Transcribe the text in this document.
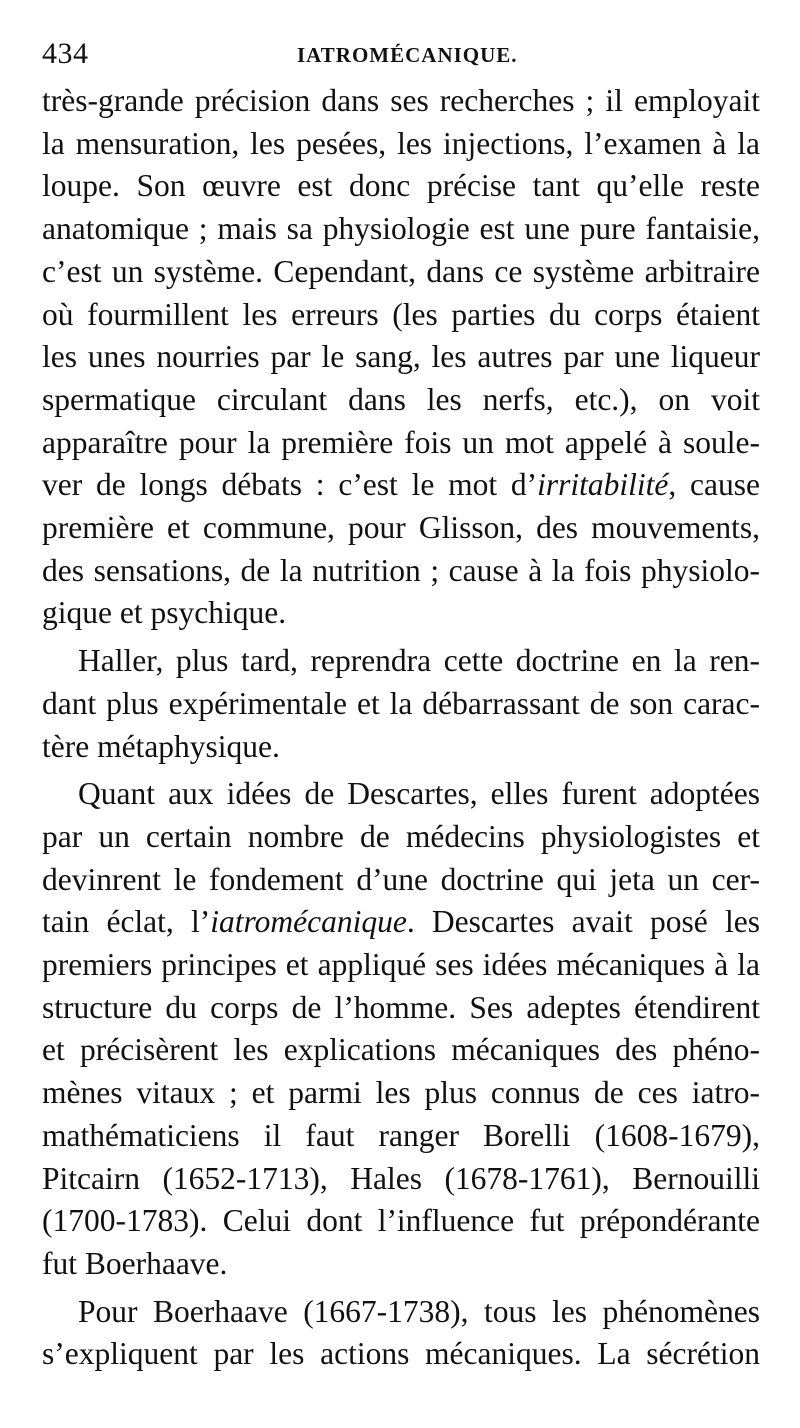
434	IATROMÉCANIQUE.

très-grande précision dans ses recherches ; il employait
la mensuration, les pesées, les injections, l’examen à la
loupe. Son œuvre est donc précise tant qu’elle reste
anatomique ; mais sa physiologie est une pure fantaisie,
c’est un système. Cependant, dans ce système arbitraire
où fourmillent les erreurs (les parties du corps étaient
les unes nourries par le sang, les autres par une liqueur
spermatique circulant dans les nerfs, etc.), on voit
apparaître pour la première fois un mot appelé à soule-
ver de longs débats : c’est le mot d’irritabilité, cause
première et commune, pour Glisson, des mouvements,
des sensations, de la nutrition ; cause à la fois physiolo-
gique et psychique.

Haller, plus tard, reprendra cette doctrine en la ren-
dant plus expérimentale et la débarrassant de son carac-
tère métaphysique.

Quant aux idées de Descartes, elles furent adoptées
par un certain nombre de médecins physiologistes et
devinrent le fondement d’une doctrine qui jeta un cer-
tain éclat, l’iatromécanique. Descartes avait posé les
premiers principes et appliqué ses idées mécaniques à la
structure du corps de l’homme. Ses adeptes étendirent
et précisèrent les explications mécaniques des phéno-
mènes vitaux ; et parmi les plus connus de ces iatro-
mathématiciens il faut ranger Borelli (1608-1679),
Pitcairn (1652-1713), Hales (1678-1761), Bernouilli
(1700-1783). Celui dont l’influence fut prépondérante
fut Boerhaave.

Pour Boerhaave (1667-1738), tous les phénomènes
s’expliquent par les actions mécaniques. La sécrétion
